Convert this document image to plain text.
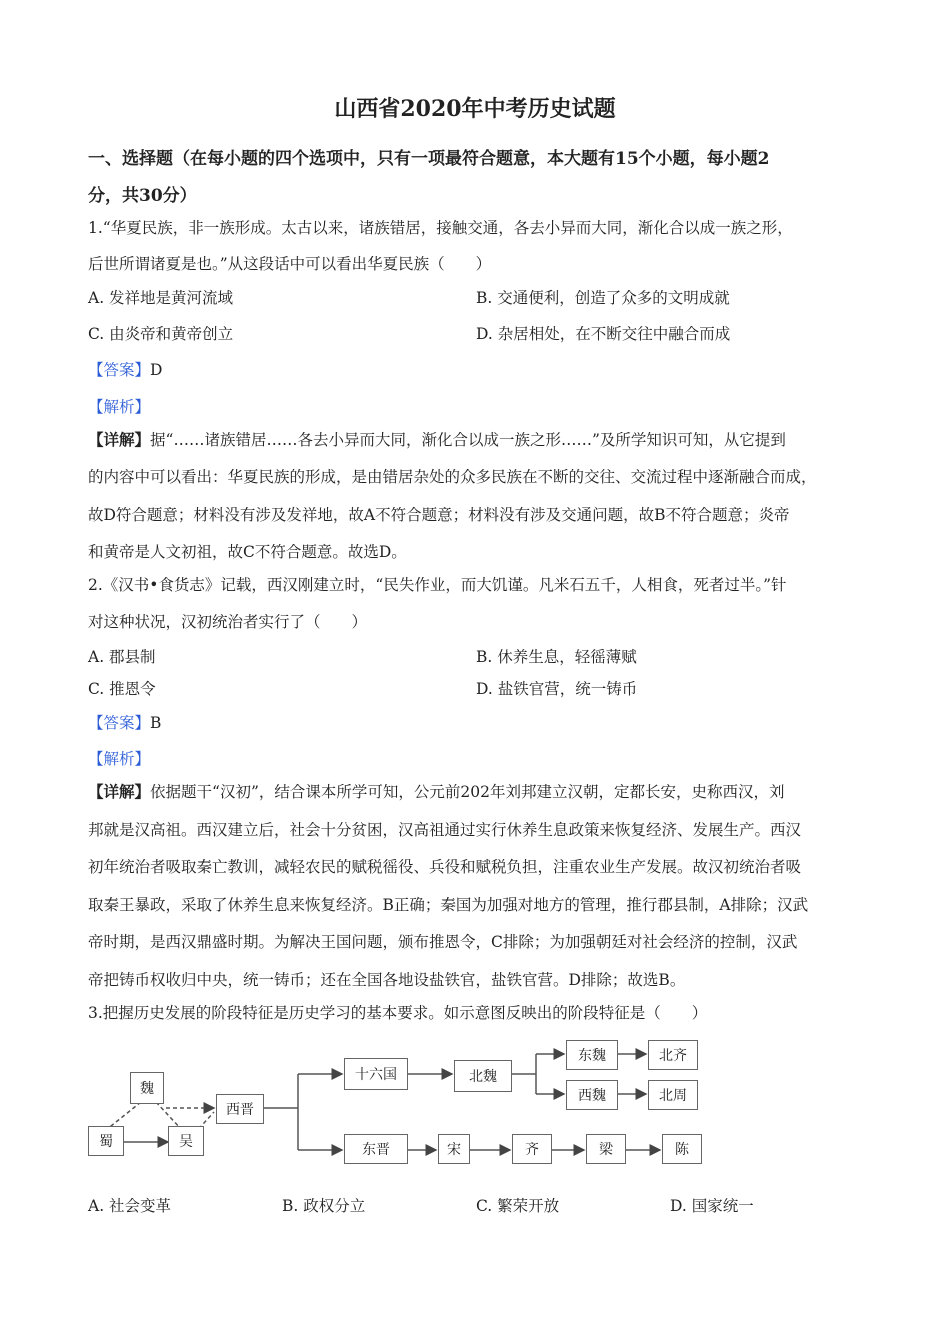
山西省2020年中考历史试题
一、选择题（在每小题的四个选项中，只有一项最符合题意，本大题有15个小题，每小题2
分，共30分）
1.“华夏民族，非一族形成。太古以来，诸族错居，接触交通，各去小异而大同，渐化合以成一族之形，
后世所谓诸夏是也。”从这段话中可以看出华夏民族（　　）
A. 发祥地是黄河流域	B. 交通便利，创造了众多的文明成就
C. 由炎帝和黄帝创立	D. 杂居相处，在不断交往中融合而成
【答案】D
【解析】
【详解】据“……诸族错居……各去小异而大同，渐化合以成一族之形……”及所学知识可知，从它提到
的内容中可以看出：华夏民族的形成，是由错居杂处的众多民族在不断的交往、交流过程中逐渐融合而成，
故D符合题意；材料没有涉及发祥地，故A不符合题意；材料没有涉及交通问题，故B不符合题意；炎帝
和黄帝是人文初祖，故C不符合题意。故选D。
2.《汉书•食货志》记载，西汉刚建立时，“民失作业，而大饥谨。凡米石五千，人相食，死者过半。”针
对这种状况，汉初统治者实行了（　　）
A. 郡县制	B. 休养生息，轻徭薄赋
C. 推恩令	D. 盐铁官营，统一铸币
【答案】B
【解析】
【详解】依据题干“汉初”，结合课本所学可知，公元前202年刘邦建立汉朝，定都长安，史称西汉，刘
邦就是汉高祖。西汉建立后，社会十分贫困，汉高祖通过实行休养生息政策来恢复经济、发展生产。西汉
初年统治者吸取秦亡教训，减轻农民的赋税徭役、兵役和赋税负担，注重农业生产发展。故汉初统治者吸
取秦王暴政，采取了休养生息来恢复经济。B正确；秦国为加强对地方的管理，推行郡县制，A排除；汉武
帝时期，是西汉鼎盛时期。为解决王国问题，颁布推恩令，C排除；为加强朝廷对社会经济的控制，汉武
帝把铸币权收归中央，统一铸币；还在全国各地设盐铁官，盐铁官营。D排除；故选B。
3.把握历史发展的阶段特征是历史学习的基本要求。如示意图反映出的阶段特征是（　　）
魏
蜀	吴
西晋
十六国	北魏
东魏
西魏
北齐
北周
东晋	宋	齐	梁	陈
A. 社会变革	B. 政权分立	C. 繁荣开放	D. 国家统一
